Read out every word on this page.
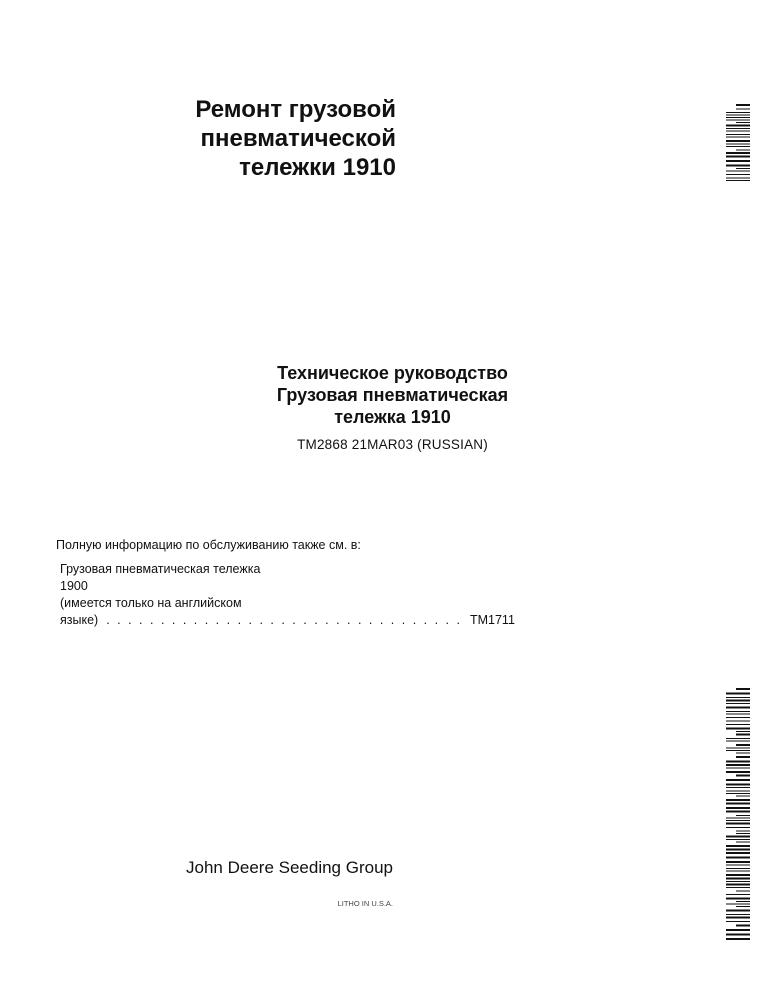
Ремонт грузовой
пневматической
тележки 1910
Техническое руководство
Грузовая пневматическая
тележка 1910
TM2868 21MAR03 (RUSSIAN)
Полную информацию по обслуживанию также см. в:
Грузовая пневматическая тележка
1900
(имеется только на английском
языке) . . . . . . . . . . . . . . . . . . . . . . . . . . . . . . . . . TM1711
John Deere Seeding Group
LITHO IN U.S.A.
